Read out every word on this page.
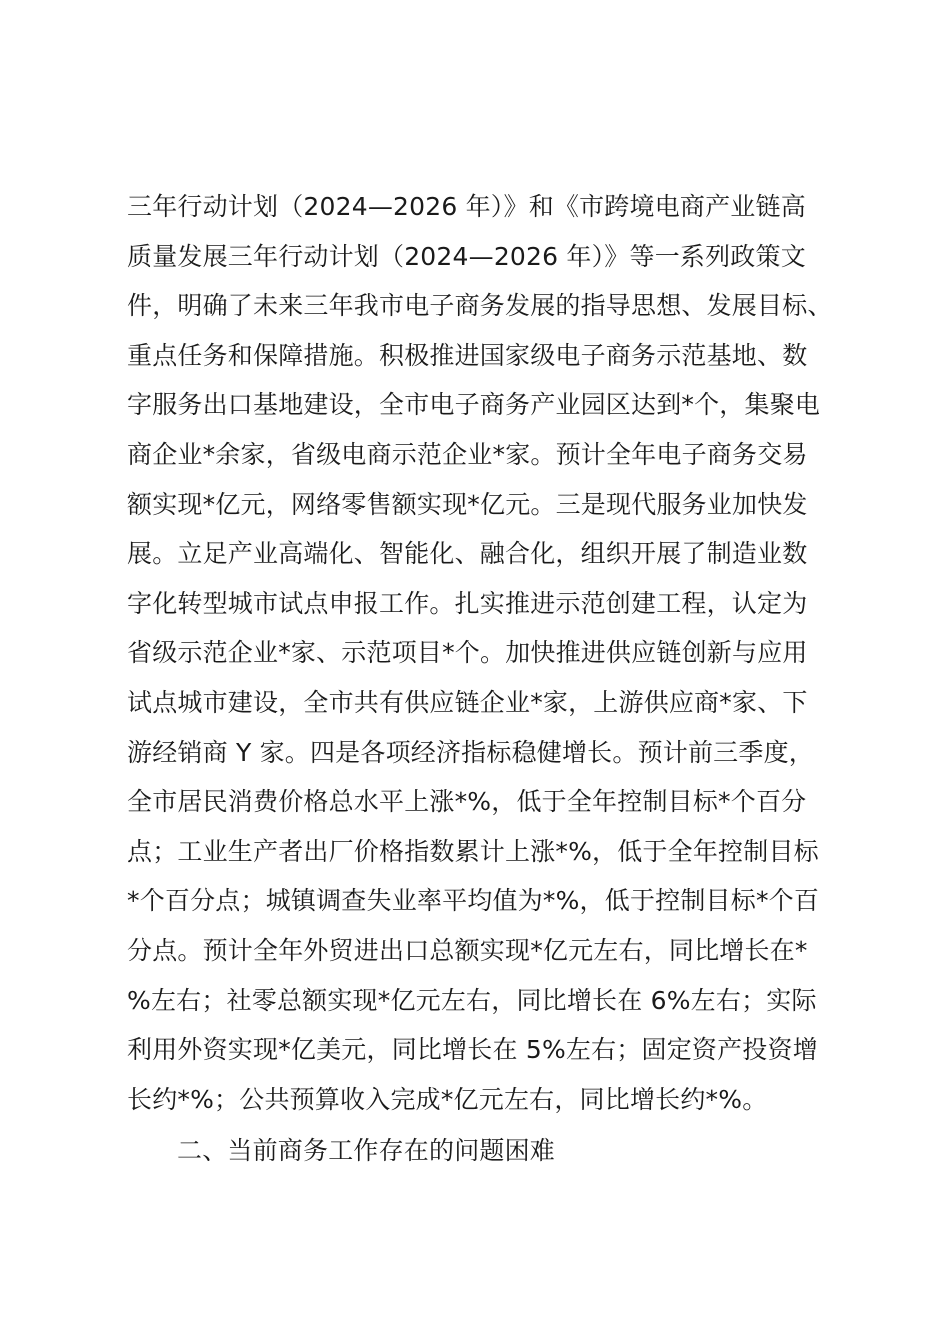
三年行动计划（2024—2026 年）》和《市跨境电商产业链高
质量发展三年行动计划（2024—2026 年）》等一系列政策文
件，明确了未来三年我市电子商务发展的指导思想、发展目标、
重点任务和保障措施。积极推进国家级电子商务示范基地、数
字服务出口基地建设，全市电子商务产业园区达到*个，集聚电
商企业*余家，省级电商示范企业*家。预计全年电子商务交易
额实现*亿元，网络零售额实现*亿元。三是现代服务业加快发
展。立足产业高端化、智能化、融合化，组织开展了制造业数
字化转型城市试点申报工作。扎实推进示范创建工程，认定为
省级示范企业*家、示范项目*个。加快推进供应链创新与应用
试点城市建设，全市共有供应链企业*家，上游供应商*家、下
游经销商 Y 家。四是各项经济指标稳健增长。预计前三季度，
全市居民消费价格总水平上涨*%，低于全年控制目标*个百分
点；工业生产者出厂价格指数累计上涨*%，低于全年控制目标
*个百分点；城镇调查失业率平均值为*%，低于控制目标*个百
分点。预计全年外贸进出口总额实现*亿元左右，同比增长在*
%左右；社零总额实现*亿元左右，同比增长在 6%左右；实际
利用外资实现*亿美元，同比增长在 5%左右；固定资产投资增
长约*%；公共预算收入完成*亿元左右，同比增长约*%。
二、当前商务工作存在的问题困难
